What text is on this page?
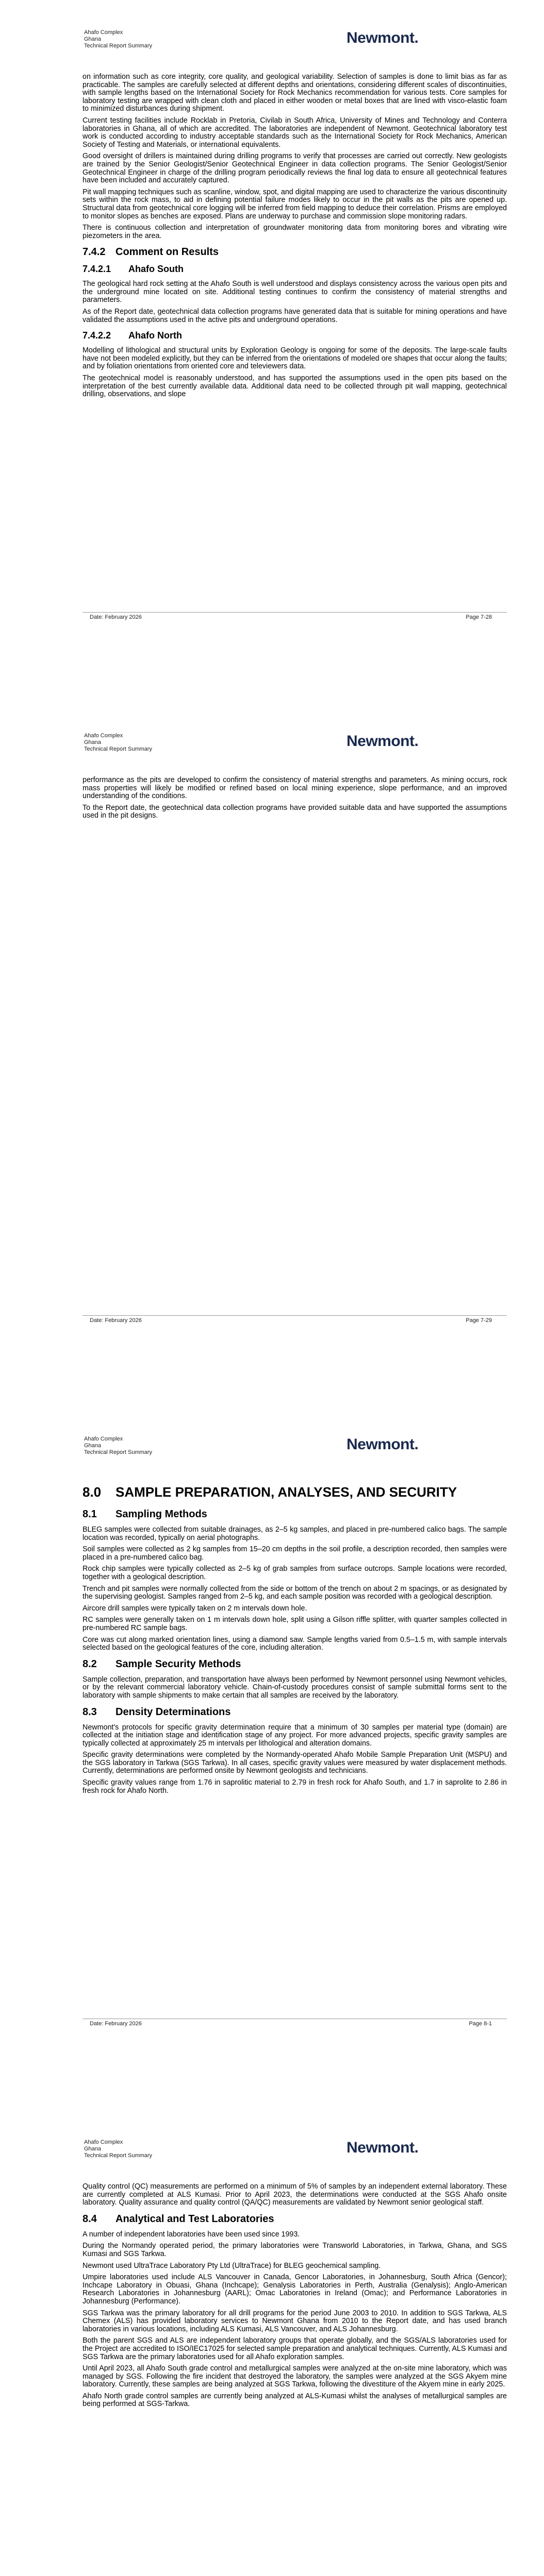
Ahafo Complex
Ghana
Technical Report Summary	Newmont.

on information such as core integrity, core quality, and geological variability. Selection of samples is done to limit bias as far as practicable. The samples are carefully selected at different depths and orientations, considering different scales of discontinuities, with sample lengths based on the International Society for Rock Mechanics recommendation for various tests. Core samples for laboratory testing are wrapped with clean cloth and placed in either wooden or metal boxes that are lined with visco-elastic foam to minimized disturbances during shipment.

Current testing facilities include Rocklab in Pretoria, Civilab in South Africa, University of Mines and Technology and Conterra laboratories in Ghana, all of which are accredited. The laboratories are independent of Newmont. Geotechnical laboratory test work is conducted according to industry acceptable standards such as the International Society for Rock Mechanics, American Society of Testing and Materials, or international equivalents.

Good oversight of drillers is maintained during drilling programs to verify that processes are carried out correctly. New geologists are trained by the Senior Geologist/Senior Geotechnical Engineer in data collection programs. The Senior Geologist/Senior Geotechnical Engineer in charge of the drilling program periodically reviews the final log data to ensure all geotechnical features have been included and accurately captured.

Pit wall mapping techniques such as scanline, window, spot, and digital mapping are used to characterize the various discontinuity sets within the rock mass, to aid in defining potential failure modes likely to occur in the pit walls as the pits are opened up. Structural data from geotechnical core logging will be inferred from field mapping to deduce their correlation. Prisms are employed to monitor slopes as benches are exposed. Plans are underway to purchase and commission slope monitoring radars.

There is continuous collection and interpretation of groundwater monitoring data from monitoring bores and vibrating wire piezometers in the area.

7.4.2 Comment on Results
7.4.2.1 Ahafo South

The geological hard rock setting at the Ahafo South is well understood and displays consistency across the various open pits and the underground mine located on site. Additional testing continues to confirm the consistency of material strengths and parameters.

As of the Report date, geotechnical data collection programs have generated data that is suitable for mining operations and have validated the assumptions used in the active pits and underground operations.

7.4.2.2 Ahafo North

Modelling of lithological and structural units by Exploration Geology is ongoing for some of the deposits. The large-scale faults have not been modeled explicitly, but they can be inferred from the orientations of modeled ore shapes that occur along the faults; and by foliation orientations from oriented core and televiewers data.

The geotechnical model is reasonably understood, and has supported the assumptions used in the open pits based on the interpretation of the best currently available data. Additional data need to be collected through pit wall mapping, geotechnical drilling, observations, and slope

Date: February 2026	Page 7-28
Ahafo Complex
Ghana
Technical Report Summary	Newmont.

performance as the pits are developed to confirm the consistency of material strengths and parameters. As mining occurs, rock mass properties will likely be modified or refined based on local mining experience, slope performance, and an improved understanding of the conditions.

To the Report date, the geotechnical data collection programs have provided suitable data and have supported the assumptions used in the pit designs.

Date: February 2026	Page 7-29
Ahafo Complex
Ghana
Technical Report Summary	Newmont.
8.0 SAMPLE PREPARATION, ANALYSES, AND SECURITY
8.1 Sampling Methods

BLEG samples were collected from suitable drainages, as 2–5 kg samples, and placed in pre-numbered calico bags. The sample location was recorded, typically on aerial photographs.

Soil samples were collected as 2 kg samples from 15–20 cm depths in the soil profile, a description recorded, then samples were placed in a pre-numbered calico bag.

Rock chip samples were typically collected as 2–5 kg of grab samples from surface outcrops. Sample locations were recorded, together with a geological description.

Trench and pit samples were normally collected from the side or bottom of the trench on about 2 m spacings, or as designated by the supervising geologist. Samples ranged from 2–5 kg, and each sample position was recorded with a geological description.

Aircore drill samples were typically taken on 2 m intervals down hole.

RC samples were generally taken on 1 m intervals down hole, split using a Gilson riffle splitter, with quarter samples collected in pre-numbered RC sample bags.

Core was cut along marked orientation lines, using a diamond saw. Sample lengths varied from 0.5–1.5 m, with sample intervals selected based on the geological features of the core, including alteration.

8.2 Sample Security Methods

Sample collection, preparation, and transportation have always been performed by Newmont personnel using Newmont vehicles, or by the relevant commercial laboratory vehicle. Chain-of-custody procedures consist of sample submittal forms sent to the laboratory with sample shipments to make certain that all samples are received by the laboratory.

8.3 Density Determinations

Newmont's protocols for specific gravity determination require that a minimum of 30 samples per material type (domain) are collected at the initiation stage and identification stage of any project. For more advanced projects, specific gravity samples are typically collected at approximately 25 m intervals per lithological and alteration domains.

Specific gravity determinations were completed by the Normandy-operated Ahafo Mobile Sample Preparation Unit (MSPU) and the SGS laboratory in Tarkwa (SGS Tarkwa). In all cases, specific gravity values were measured by water displacement methods. Currently, determinations are performed onsite by Newmont geologists and technicians.

Specific gravity values range from 1.76 in saprolitic material to 2.79 in fresh rock for Ahafo South, and 1.7 in saprolite to 2.86 in fresh rock for Ahafo North.

Date: February 2026	Page 8-1
Ahafo Complex
Ghana
Technical Report Summary	Newmont.

Quality control (QC) measurements are performed on a minimum of 5% of samples by an independent external laboratory. These are currently completed at ALS Kumasi. Prior to April 2023, the determinations were conducted at the SGS Ahafo onsite laboratory. Quality assurance and quality control (QA/QC) measurements are validated by Newmont senior geological staff.

8.4 Analytical and Test Laboratories

A number of independent laboratories have been used since 1993.

During the Normandy operated period, the primary laboratories were Transworld Laboratories, in Tarkwa, Ghana, and SGS Kumasi and SGS Tarkwa.

Newmont used UltraTrace Laboratory Pty Ltd (UltraTrace) for BLEG geochemical sampling.

Umpire laboratories used include ALS Vancouver in Canada, Gencor Laboratories, in Johannesburg, South Africa (Gencor); Inchcape Laboratory in Obuasi, Ghana (Inchcape); Genalysis Laboratories in Perth, Australia (Genalysis); Anglo-American Research Laboratories in Johannesburg (AARL); Omac Laboratories in Ireland (Omac); and Performance Laboratories in Johannesburg (Performance).

SGS Tarkwa was the primary laboratory for all drill programs for the period June 2003 to 2010. In addition to SGS Tarkwa, ALS Chemex (ALS) has provided laboratory services to Newmont Ghana from 2010 to the Report date, and has used branch laboratories in various locations, including ALS Kumasi, ALS Vancouver, and ALS Johannesburg.

Both the parent SGS and ALS are independent laboratory groups that operate globally, and the SGS/ALS laboratories used for the Project are accredited to ISO/IEC17025 for selected sample preparation and analytical techniques. Currently, ALS Kumasi and SGS Tarkwa are the primary laboratories used for all Ahafo exploration samples.

Until April 2023, all Ahafo South grade control and metallurgical samples were analyzed at the on-site mine laboratory, which was managed by SGS. Following the fire incident that destroyed the laboratory, the samples were analyzed at the SGS Akyem mine laboratory. Currently, these samples are being analyzed at SGS Tarkwa, following the divestiture of the Akyem mine in early 2025.

Ahafo North grade control samples are currently being analyzed at ALS-Kumasi whilst the analyses of metallurgical samples are being performed at SGS-Tarkwa.
